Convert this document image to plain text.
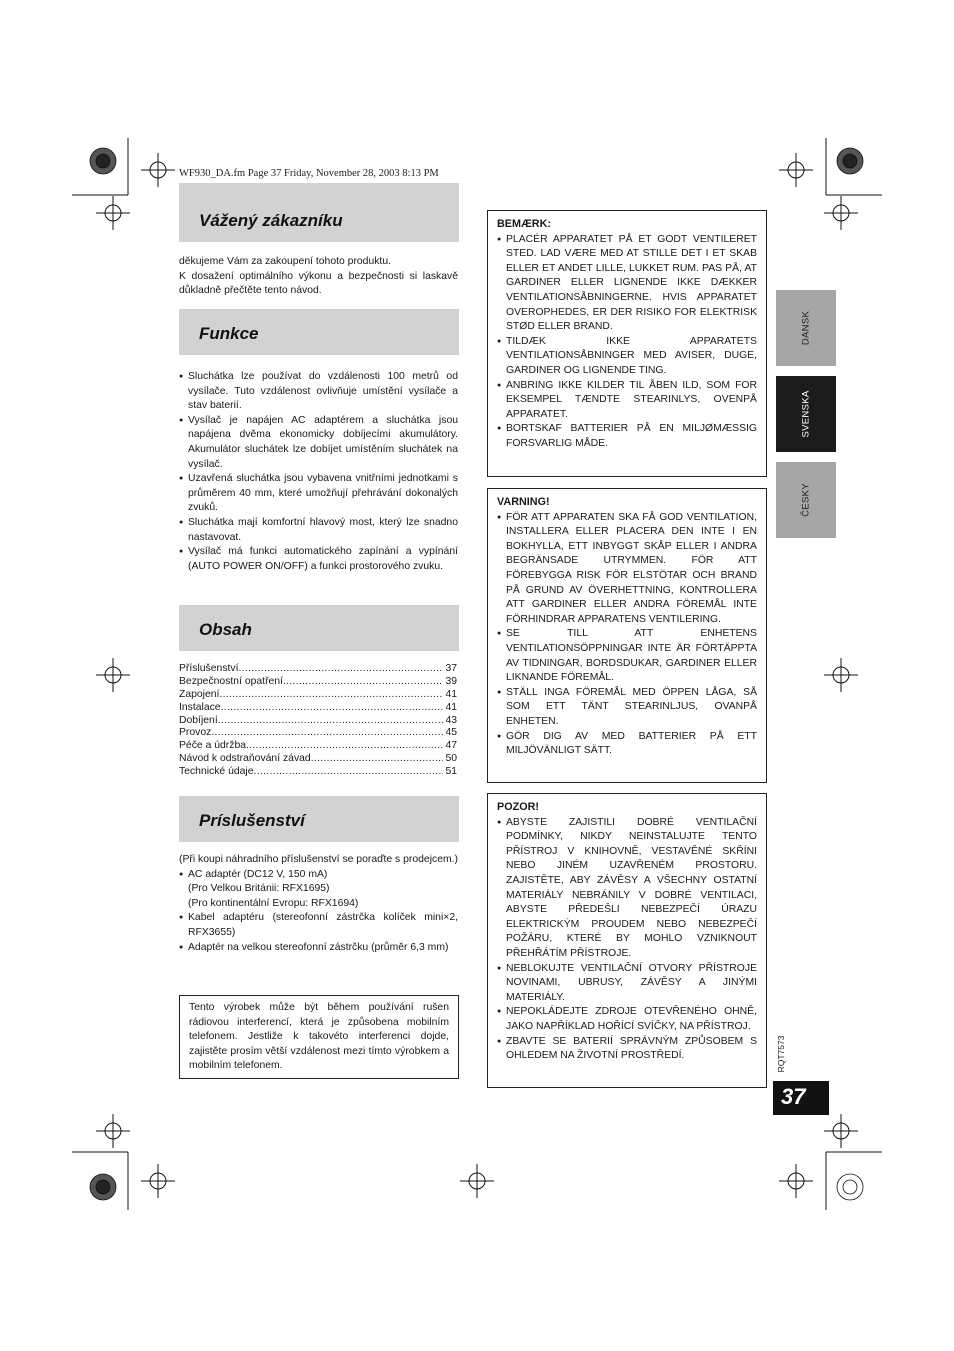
WF930_DA.fm Page 37 Friday, November 28, 2003 8:13 PM
Vážený zákazníku
děkujeme Vám za zakoupení tohoto produktu.
K dosažení optimálního výkonu a bezpečnosti si laskavě důkladně přečtěte tento návod.
Funkce
● Sluchátka lze používat do vzdálenosti 100 metrů od vysílače. Tuto vzdálenost ovlivňuje umístění vysílače a stav baterií.
● Vysílač je napájen AC adaptérem a sluchátka jsou napájena dvěma ekonomicky dobíjecími akumulátory. Akumulátor sluchátek lze dobíjet umístěním sluchátek na vysílač.
● Uzavřená sluchátka jsou vybavena vnitřními jednotkami s průměrem 40 mm, které umožňují přehrávání dokonalých zvuků.
● Sluchátka mají komfortní hlavový most, který lze snadno nastavovat.
● Vysílač má funkci automatického zapínání a vypínání (AUTO POWER ON/OFF) a funkci prostorového zvuku.
Obsah
Příslušenství .....	37
Bezpečnostní opatření .....	39
Zapojení .....	41
Instalace .....	41
Dobíjení .....	43
Provoz .....	45
Péče a údržba .....	47
Návod k odstraňování závad .....	50
Technické údaje .....	51
Príslušenství
(Při koupi náhradního příslušenství se poraďte s prodejcem.)
● AC adaptér (DC12 V, 150 mA)
(Pro Velkou Británii: RFX1695)
(Pro kontinentální Evropu: RFX1694)
● Kabel adaptéru (stereofonní zástrčka kolíček mini×2, RFX3655)
● Adaptér na velkou stereofonní zástrčku (průměr 6,3 mm)
Tento výrobek může být během používání rušen rádiovou interferencí, která je způsobena mobilním telefonem. Jestliže k takovéto interferenci dojde, zajistěte prosím větší vzdálenost mezi tímto výrobkem a mobilním telefonem.
BEMÆRK:
● PLACÉR APPARATET PÅ ET GODT VENTILERET STED. LAD VÆRE MED AT STILLE DET I ET SKAB ELLER ET ANDET LILLE, LUKKET RUM. PAS PÅ, AT GARDINER ELLER LIGNENDE IKKE DÆKKER VENTILATIONSÅBNINGERNE. HVIS APPARATET OVEROPHEDES, ER DER RISIKO FOR ELEKTRISK STØD ELLER BRAND.
● TILDÆK IKKE APPARATETS VENTILATIONSÅBNINGER MED AVISER, DUGE, GARDINER OG LIGNENDE TING.
● ANBRING IKKE KILDER TIL ÅBEN ILD, SOM FOR EKSEMPEL TÆNDTE STEARINLYS, OVENPÅ APPARATET.
● BORTSKAF BATTERIER PÅ EN MILJØMÆSSIG FORSVARLIG MÅDE.
VARNING!
● FÖR ATT APPARATEN SKA FÅ GOD VENTILATION, INSTALLERA ELLER PLACERA DEN INTE I EN BOKHYLLA, ETT INBYGGT SKÅP ELLER I ANDRA BEGRÄNSADE UTRYMMEN. FÖR ATT FÖREBYGGA RISK FÖR ELSTÖTAR OCH BRAND PÅ GRUND AV ÖVERHETTNING, KONTROLLERA ATT GARDINER ELLER ANDRA FÖREMÅL INTE FÖRHINDRAR APPARATENS VENTILERING.
● SE TILL ATT ENHETENS VENTILATIONSÖPPNINGAR INTE ÄR FÖRTÄPPTA AV TIDNINGAR, BORDSDUKAR, GARDINER ELLER LIKNANDE FÖREMÅL.
● STÄLL INGA FÖREMÅL MED ÖPPEN LÅGA, SÅ SOM ETT TÄNT STEARINLJUS, OVANPÅ ENHETEN.
● GÖR DIG AV MED BATTERIER PÅ ETT MILJÖVÄNLIGT SÄTT.
POZOR!
● ABYSTE ZAJISTILI DOBRÉ VENTILAČNÍ PODMÍNKY, NIKDY NEINSTALUJTE TENTO PŘÍSTROJ V KNIHOVNĚ, VESTAVĚNÉ SKŘÍNI NEBO JINÉM UZAVŘENÉM PROSTORU. ZAJISTĚTE, ABY ZÁVĚSY A VŠECHNY OSTATNÍ MATERIÁLY NEBRÁNILY V DOBRÉ VENTILACI, ABYSTE PŘEDEŠLI NEBEZPEČÍ ÚRAZU ELEKTRICKÝM PROUDEM NEBO NEBEZPEČÍ POŽÁRU, KTERÉ BY MOHLO VZNIKNOUT PŘEHŘÁTÍM PŘÍSTROJE.
● NEBLOKUJTE VENTILAČNÍ OTVORY PŘÍSTROJE NOVINAMI, UBRUSY, ZÁVĚSY A JINÝMI MATERIÁLY.
● NEPOKLÁDEJTE ZDROJE OTEVŘENÉHO OHNĚ, JAKO NAPŘÍKLAD HOŘÍCÍ SVÍČKY, NA PŘÍSTROJ.
● ZBAVTE SE BATERIÍ SPRÁVNÝM ZPŮSOBEM S OHLEDEM NA ŽIVOTNÍ PROSTŘEDÍ.
DANSK
SVENSKA
ČESKY
RQT7573
37
